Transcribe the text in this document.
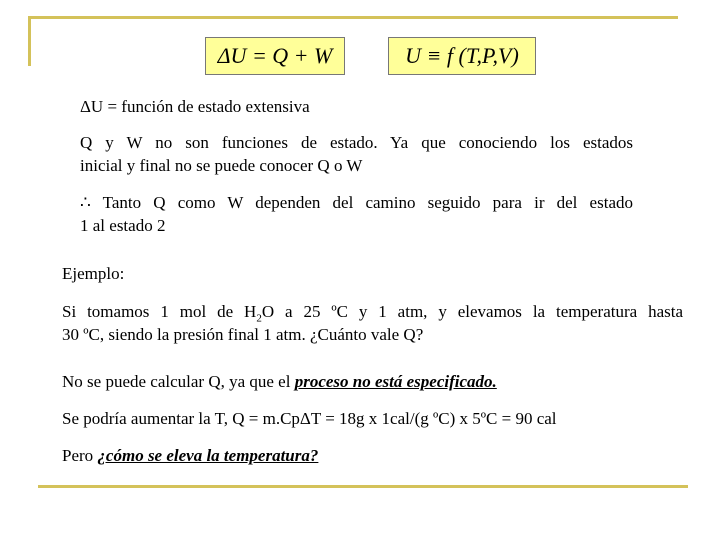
ΔU = Q + W	U ≡ f (T,P,V)

ΔU = función de estado extensiva

Q y W no son funciones de estado. Ya que conociendo los estados

inicial y final no se puede conocer Q o W

∴ Tanto Q como W dependen del camino seguido para ir del estado

1 al estado 2

Ejemplo:

Si tomamos 1 mol de $H_2O$ a 25 ºC y 1 atm, y elevamos la temperatura hasta

30 ºC, siendo la presión final 1 atm. ¿Cuánto vale Q?

No se puede calcular Q, ya que el proceso no está especificado.

Se podría aumentar la T, Q = m.CpΔT = 18g x 1cal/(g ºC) x 5ºC = 90 cal

Pero ¿cómo se eleva la temperatura?
